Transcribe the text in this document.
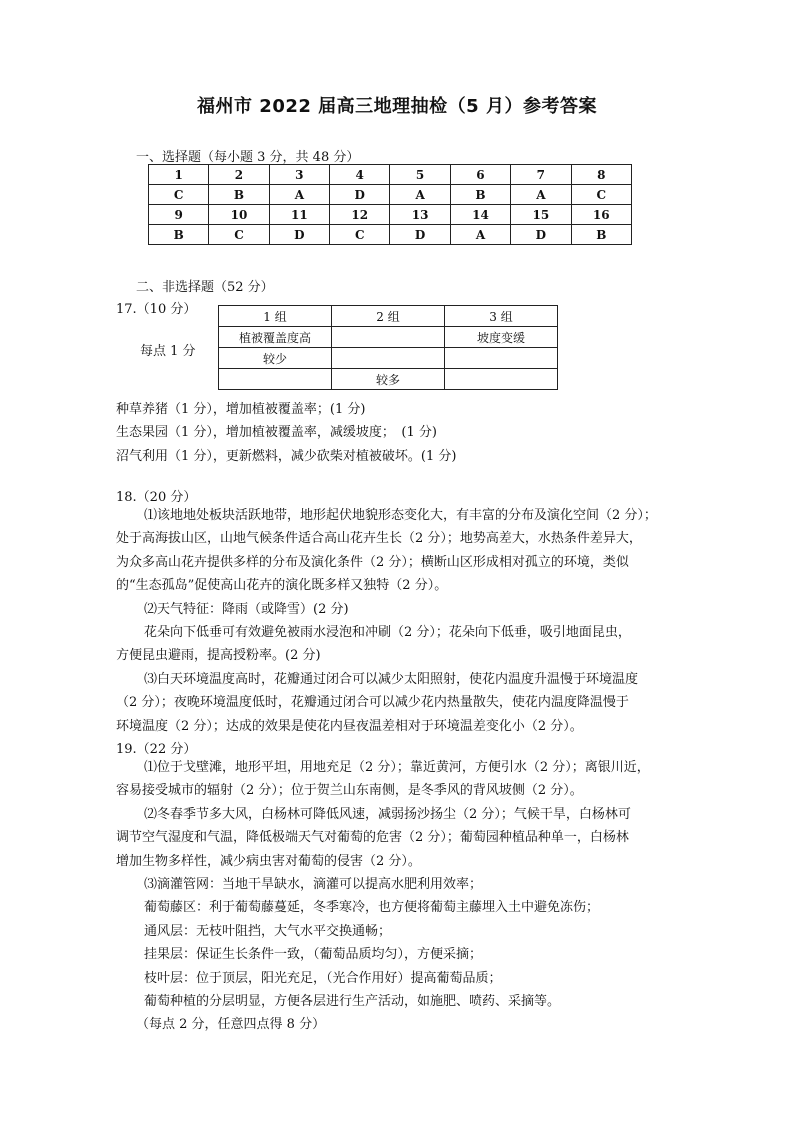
福州市 2022 届高三地理抽检（5 月）参考答案
一、选择题（每小题 3 分，共 48 分）
1	2	3	4	5	6	7	8
C	B	A	D	A	B	A	C
9	10	11	12	13	14	15	16
B	C	D	C	D	A	D	B
二、非选择题（52 分）
17.（10 分）
每点 1 分
1 组	2 组	3 组
植被覆盖度高		坡度变缓
较少		
	较多	

种草养猪（1 分），增加植被覆盖率；(1 分)

生态果园（1 分），增加植被覆盖率，减缓坡度；　(1 分)

沼气利用（1 分），更新燃料，减少砍柴对植被破坏。(1 分)

18.（20 分）

⑴该地地处板块活跃地带，地形起伏地貌形态变化大，有丰富的分布及演化空间（2 分）；

处于高海拔山区，山地气候条件适合高山花卉生长（2 分）；地势高差大，水热条件差异大，

为众多高山花卉提供多样的分布及演化条件（2 分）；横断山区形成相对孤立的环境，类似

的“生态孤岛”促使高山花卉的演化既多样又独特（2 分）。

⑵天气特征：降雨（或降雪）(2 分)

花朵向下低垂可有效避免被雨水浸泡和冲刷（2 分）；花朵向下低垂，吸引地面昆虫，

方便昆虫避雨，提高授粉率。(2 分)

⑶白天环境温度高时，花瓣通过闭合可以减少太阳照射，使花内温度升温慢于环境温度

（2 分）；夜晚环境温度低时，花瓣通过闭合可以减少花内热量散失，使花内温度降温慢于

环境温度（2 分）；达成的效果是使花内昼夜温差相对于环境温差变化小（2 分）。

19.（22 分）

⑴位于戈壁滩，地形平坦，用地充足（2 分）；靠近黄河，方便引水（2 分）；离银川近，

容易接受城市的辐射（2 分）；位于贺兰山东南侧，是冬季风的背风坡侧（2 分）。

⑵冬春季节多大风，白杨林可降低风速，减弱扬沙扬尘（2 分）；气候干旱，白杨林可

调节空气湿度和气温，降低极端天气对葡萄的危害（2 分）；葡萄园种植品种单一，白杨林

增加生物多样性，减少病虫害对葡萄的侵害（2 分）。

⑶滴灌管网：当地干旱缺水，滴灌可以提高水肥利用效率；

葡萄藤区：利于葡萄藤蔓延，冬季寒冷，也方便将葡萄主藤埋入土中避免冻伤；

通风层：无枝叶阻挡，大气水平交换通畅；

挂果层：保证生长条件一致，（葡萄品质均匀），方便采摘；

枝叶层：位于顶层，阳光充足，（光合作用好）提高葡萄品质；

葡萄种植的分层明显，方便各层进行生产活动，如施肥、喷药、采摘等。

（每点 2 分，任意四点得 8 分）
